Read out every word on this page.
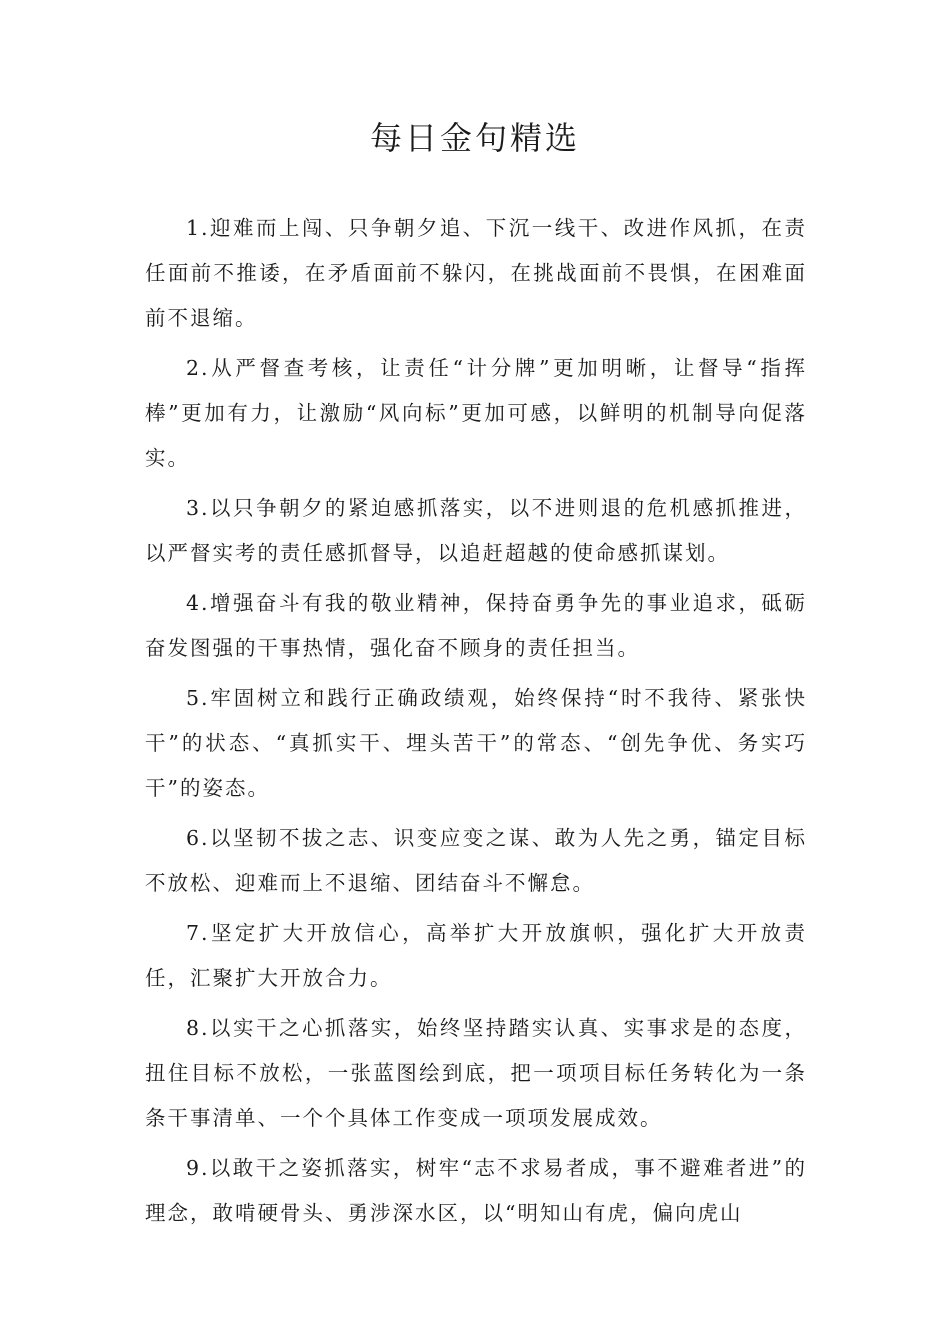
每日金句精选

1.迎难而上闯、只争朝夕追、下沉一线干、改进作风抓，在责任面前不推诿，在矛盾面前不躲闪，在挑战面前不畏惧，在困难面前不退缩。

2.从严督查考核，让责任“计分牌”更加明晰，让督导“指挥棒”更加有力，让激励“风向标”更加可感，以鲜明的机制导向促落实。

3.以只争朝夕的紧迫感抓落实，以不进则退的危机感抓推进，以严督实考的责任感抓督导，以追赶超越的使命感抓谋划。

4.增强奋斗有我的敬业精神，保持奋勇争先的事业追求，砥砺奋发图强的干事热情，强化奋不顾身的责任担当。

5.牢固树立和践行正确政绩观，始终保持“时不我待、紧张快干”的状态、“真抓实干、埋头苦干”的常态、“创先争优、务实巧干”的姿态。

6.以坚韧不拔之志、识变应变之谋、敢为人先之勇，锚定目标不放松、迎难而上不退缩、团结奋斗不懈怠。

7.坚定扩大开放信心，高举扩大开放旗帜，强化扩大开放责任，汇聚扩大开放合力。

8.以实干之心抓落实，始终坚持踏实认真、实事求是的态度，扭住目标不放松，一张蓝图绘到底，把一项项目标任务转化为一条条干事清单、一个个具体工作变成一项项发展成效。

9.以敢干之姿抓落实，树牢“志不求易者成，事不避难者进”的理念，敢啃硬骨头、勇涉深水区，以“明知山有虎，偏向虎山
